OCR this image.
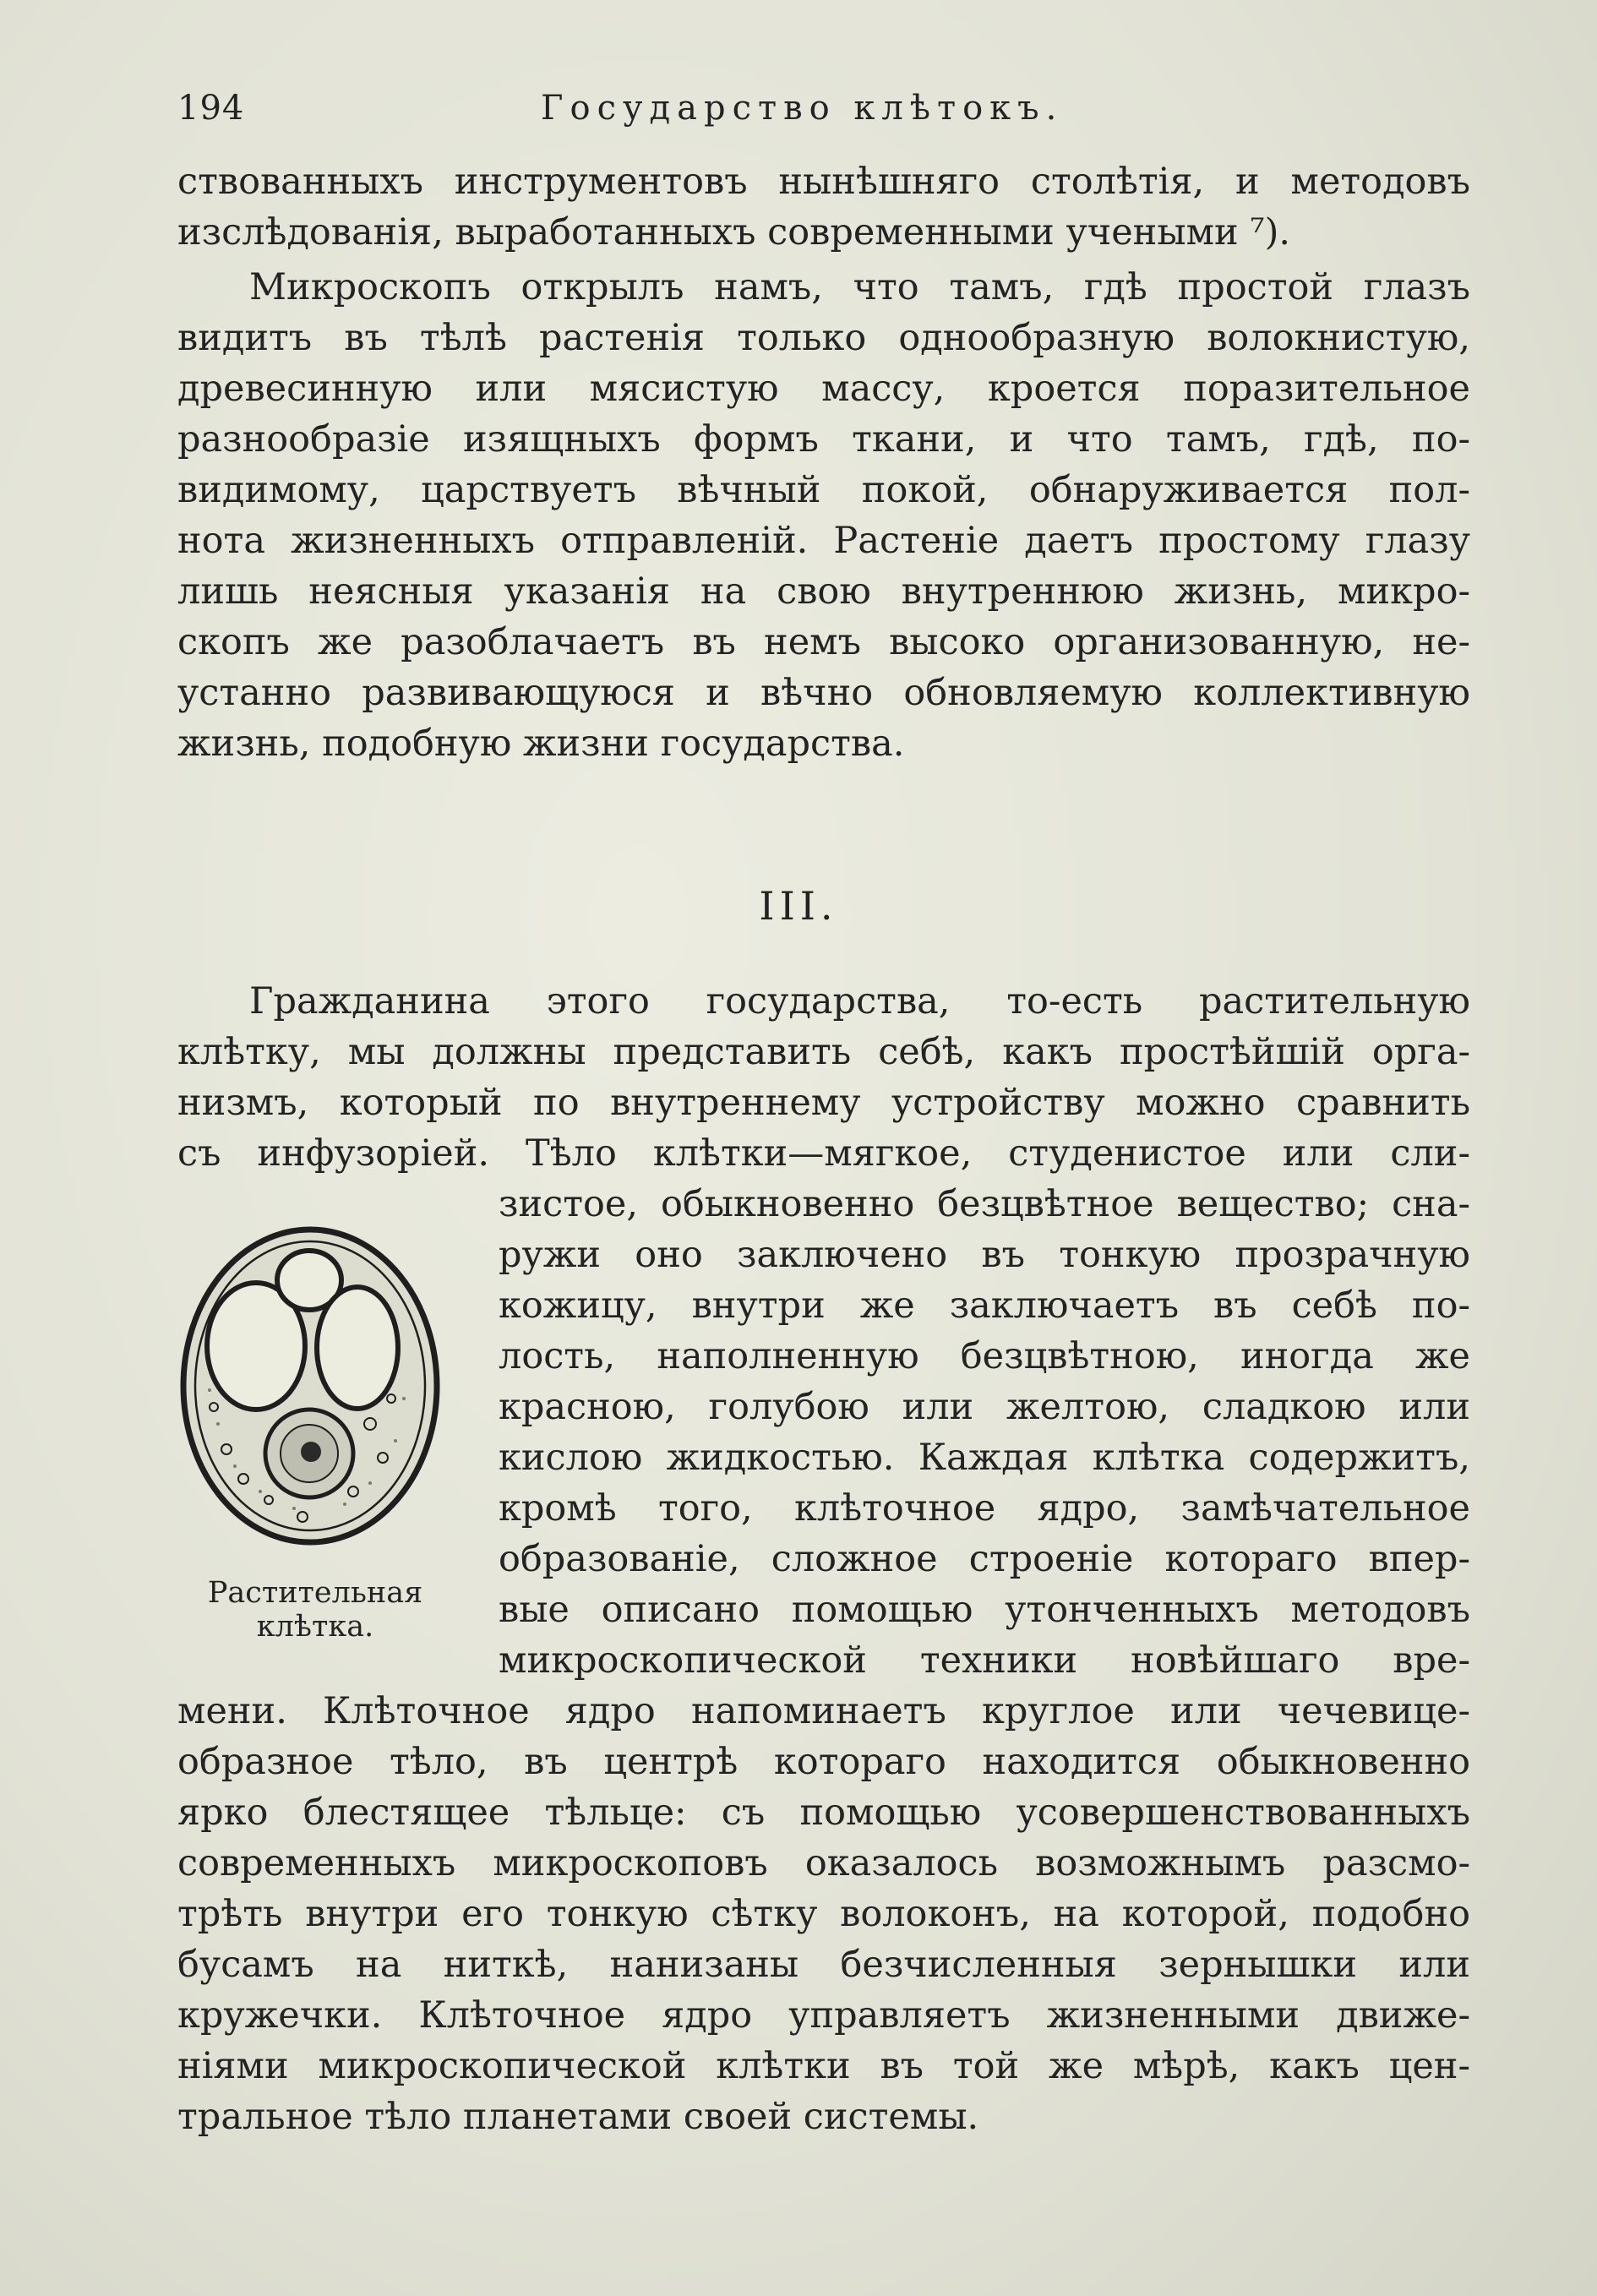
194	Государство клѣтокъ.
ствованныхъ инструментовъ нынѣшняго столѣтія, и методовъ
изслѣдованія, выработанныхъ современными учеными ⁷).
Микроскопъ открылъ намъ, что тамъ, гдѣ простой глазъ
видитъ въ тѣлѣ растенія только однообразную волокнистую,
древесинную или мясистую массу, кроется поразительное
разнообразіе изящныхъ формъ ткани, и что тамъ, гдѣ, по-
видимому, царствуетъ вѣчный покой, обнаруживается пол-
нота жизненныхъ отправленій. Растеніе даетъ простому глазу
лишь неясныя указанія на свою внутреннюю жизнь, микро-
скопъ же разоблачаетъ въ немъ высоко организованную, не-
устанно развивающуюся и вѣчно обновляемую коллективную
жизнь, подобную жизни государства.
III.
Гражданина этого государства, то-есть растительную
клѣтку, мы должны представить себѣ, какъ простѣйшій орга-
низмъ, который по внутреннему устройству можно сравнить
съ инфузоріей. Тѣло клѣтки—мягкое, студенистое или сли-
Растительная
клѣтка.
зистое, обыкновенно безцвѣтное вещество; сна-
ружи оно заключено въ тонкую прозрачную
кожицу, внутри же заключаетъ въ себѣ по-
лость, наполненную безцвѣтною, иногда же
красною, голубою или желтою, сладкою или
кислою жидкостью. Каждая клѣтка содержитъ,
кромѣ того, клѣточное ядро, замѣчательное
образованіе, сложное строеніе котораго впер-
вые описано помощью утонченныхъ методовъ
микроскопической техники новѣйшаго вре-
мени. Клѣточное ядро напоминаетъ круглое или чечевице-
образное тѣло, въ центрѣ котораго находится обыкновенно
ярко блестящее тѣльце: съ помощью усовершенствованныхъ
современныхъ микроскоповъ оказалось возможнымъ разсмо-
трѣть внутри его тонкую сѣтку волоконъ, на которой, подобно
бусамъ на ниткѣ, нанизаны безчисленныя зернышки или
кружечки. Клѣточное ядро управляетъ жизненными движе-
ніями микроскопической клѣтки въ той же мѣрѣ, какъ цен-
тральное тѣло планетами своей системы.
